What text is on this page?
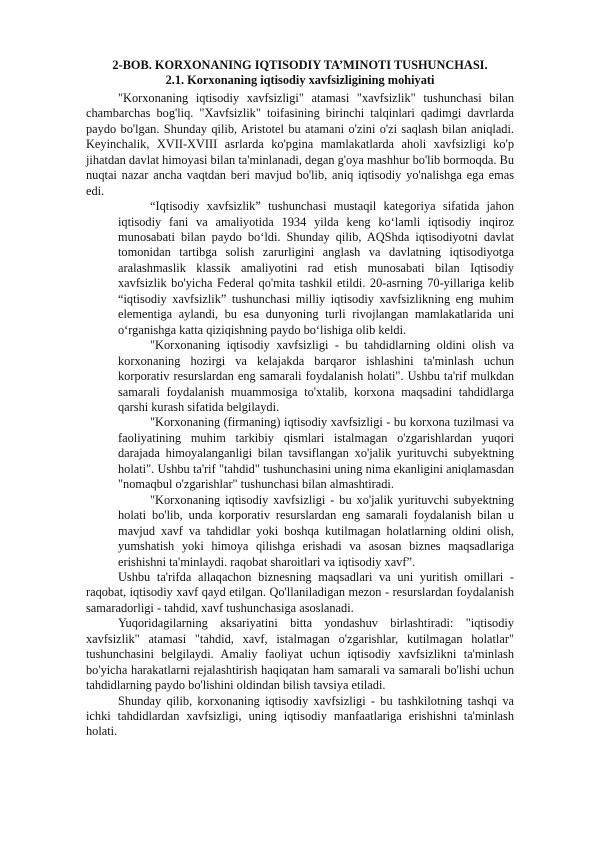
2-BOB. KORXONANING IQTISODIY TA’MINOTI TUSHUNCHASI.
2.1. Korxonaning iqtisodiy xavfsizligining mohiyati

"Korxonaning iqtisodiy xavfsizligi" atamasi "xavfsizlik" tushunchasi bilan chambarchas bog'liq. "Xavfsizlik" toifasining birinchi talqinlari qadimgi davrlarda paydo bo'lgan. Shunday qilib, Aristotel bu atamani o'zini o'zi saqlash bilan aniqladi. Keyinchalik, XVII-XVIII asrlarda ko'pgina mamlakatlarda aholi xavfsizligi ko'p jihatdan davlat himoyasi bilan ta'minlanadi, degan g'oya mashhur bo'lib bormoqda. Bu nuqtai nazar ancha vaqtdan beri mavjud bo'lib, aniq iqtisodiy yo'nalishga ega emas edi.

“Iqtisodiy xavfsizlik” tushunchasi mustaqil kategoriya sifatida jahon iqtisodiy fani va amaliyotida 1934 yilda keng ko‘lamli iqtisodiy inqiroz munosabati bilan paydo bo‘ldi. Shunday qilib, AQShda iqtisodiyotni davlat tomonidan tartibga solish zarurligini anglash va davlatning iqtisodiyotga aralashmaslik klassik amaliyotini rad etish munosabati bilan Iqtisodiy xavfsizlik bo'yicha Federal qo'mita tashkil etildi. 20-asrning 70-yillariga kelib “iqtisodiy xavfsizlik” tushunchasi milliy iqtisodiy xavfsizlikning eng muhim elementiga aylandi, bu esa dunyoning turli rivojlangan mamlakatlarida uni o‘rganishga katta qiziqishning paydo bo‘lishiga olib keldi.

"Korxonaning iqtisodiy xavfsizligi - bu tahdidlarning oldini olish va korxonaning hozirgi va kelajakda barqaror ishlashini ta'minlash uchun korporativ resurslardan eng samarali foydalanish holati". Ushbu ta'rif mulkdan samarali foydalanish muammosiga to'xtalib, korxona maqsadini tahdidlarga qarshi kurash sifatida belgilaydi.

"Korxonaning (firmaning) iqtisodiy xavfsizligi - bu korxona tuzilmasi va faoliyatining muhim tarkibiy qismlari istalmagan o'zgarishlardan yuqori darajada himoyalanganligi bilan tavsiflangan xo'jalik yurituvchi subyektning holati". Ushbu ta'rif "tahdid" tushunchasini uning nima ekanligini aniqlamasdan "nomaqbul o'zgarishlar" tushunchasi bilan almashtiradi.

"Korxonaning iqtisodiy xavfsizligi - bu xo'jalik yurituvchi subyektning holati bo'lib, unda korporativ resurslardan eng samarali foydalanish bilan u mavjud xavf va tahdidlar yoki boshqa kutilmagan holatlarning oldini olish, yumshatish yoki himoya qilishga erishadi va asosan biznes maqsadlariga erishishni ta'minlaydi. raqobat sharoitlari va iqtisodiy xavf”.

Ushbu ta'rifda allaqachon biznesning maqsadlari va uni yuritish omillari - raqobat, iqtisodiy xavf qayd etilgan. Qo'llaniladigan mezon - resurslardan foydalanish samaradorligi - tahdid, xavf tushunchasiga asoslanadi.

Yuqoridagilarning aksariyatini bitta yondashuv birlashtiradi: "iqtisodiy xavfsizlik" atamasi "tahdid, xavf, istalmagan o'zgarishlar, kutilmagan holatlar" tushunchasini belgilaydi. Amaliy faoliyat uchun iqtisodiy xavfsizlikni ta'minlash bo'yicha harakatlarni rejalashtirish haqiqatan ham samarali va samarali bo'lishi uchun tahdidlarning paydo bo'lishini oldindan bilish tavsiya etiladi.

Shunday qilib, korxonaning iqtisodiy xavfsizligi - bu tashkilotning tashqi va ichki tahdidlardan xavfsizligi, uning iqtisodiy manfaatlariga erishishni ta'minlash holati.
